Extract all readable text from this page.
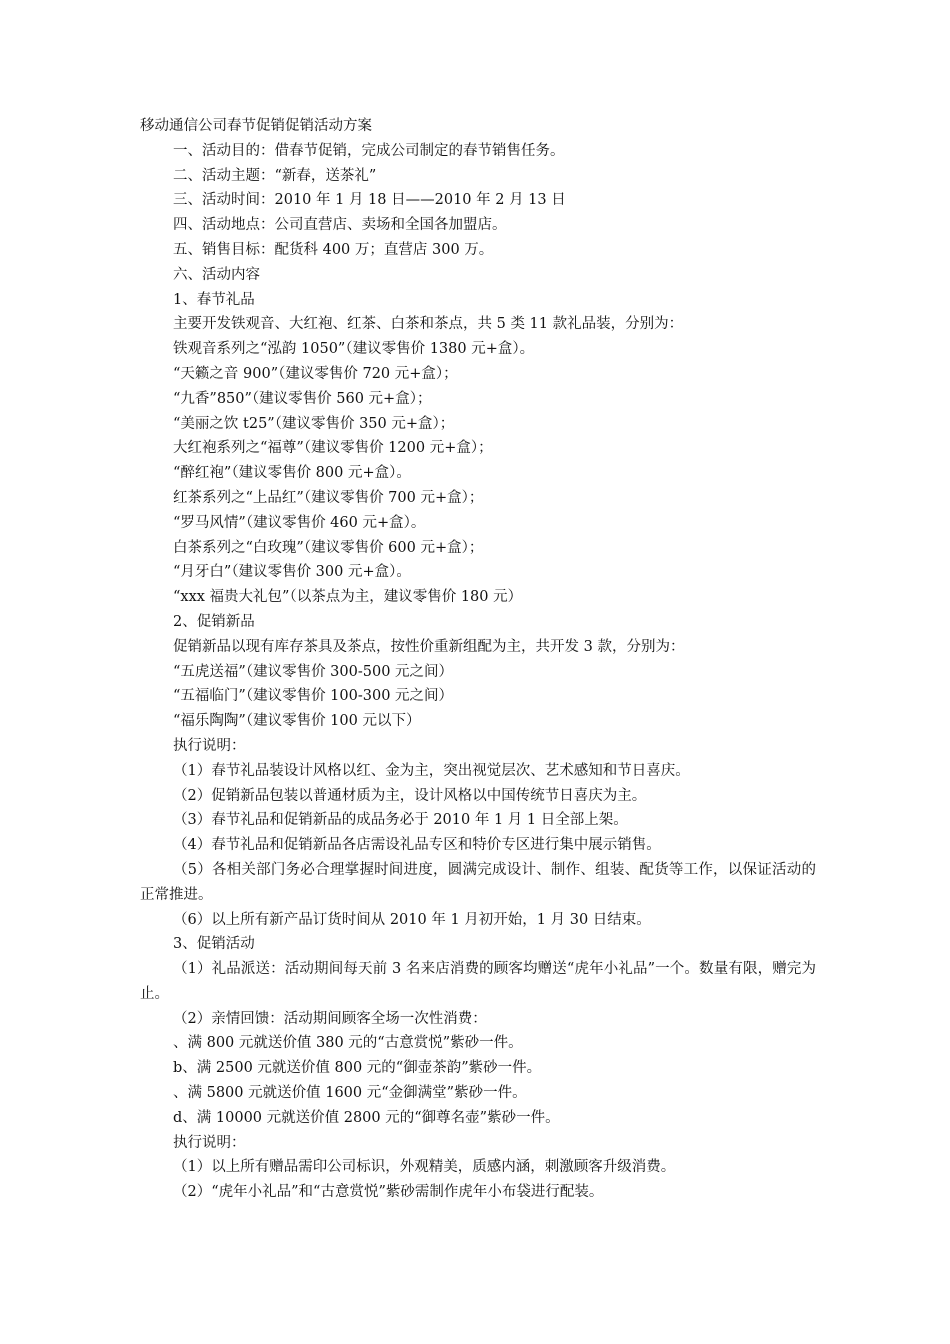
移动通信公司春节促销促销活动方案
一、活动目的：借春节促销，完成公司制定的春节销售任务。
二、活动主题：“新春，送茶礼”
三、活动时间：2010 年 1 月 18 日——2010 年 2 月 13 日
四、活动地点：公司直营店、卖场和全国各加盟店。
五、销售目标：配货科 400 万；直营店 300 万。
六、活动内容
1、春节礼品
主要开发铁观音、大红袍、红茶、白茶和茶点，共 5 类 11 款礼品装，分别为：
铁观音系列之“泓韵 1050”（建议零售价 1380 元+盒）。
“天籁之音 900”（建议零售价 720 元+盒）；
“九香”850”（建议零售价 560 元+盒）；
“美丽之饮 t25”（建议零售价 350 元+盒）；
大红袍系列之“福尊”（建议零售价 1200 元+盒）；
“醉红袍”（建议零售价 800 元+盒）。
红茶系列之“上品红”（建议零售价 700 元+盒）；
“罗马风情”（建议零售价 460 元+盒）。
白茶系列之“白玫瑰”（建议零售价 600 元+盒）；
“月牙白”（建议零售价 300 元+盒）。
“xxx 福贵大礼包”（以茶点为主，建议零售价 180 元）
2、促销新品
促销新品以现有库存茶具及茶点，按性价重新组配为主，共开发 3 款，分别为：
“五虎送福”（建议零售价 300-500 元之间）
“五福临门”（建议零售价 100-300 元之间）
“福乐陶陶”（建议零售价 100 元以下）
执行说明：
（1）春节礼品装设计风格以红、金为主，突出视觉层次、艺术感知和节日喜庆。
（2）促销新品包装以普通材质为主，设计风格以中国传统节日喜庆为主。
（3）春节礼品和促销新品的成品务必于 2010 年 1 月 1 日全部上架。
（4）春节礼品和促销新品各店需设礼品专区和特价专区进行集中展示销售。
（5）各相关部门务必合理掌握时间进度，圆满完成设计、制作、组装、配货等工作，以保证活动的正常推进。
（6）以上所有新产品订货时间从 2010 年 1 月初开始，1 月 30 日结束。
3、促销活动
（1）礼品派送：活动期间每天前 3 名来店消费的顾客均赠送“虎年小礼品”一个。数量有限，赠完为止。
（2）亲情回馈：活动期间顾客全场一次性消费：
、满 800 元就送价值 380 元的“古意赏悦”紫砂一件。
b、满 2500 元就送价值 800 元的“御壶茶韵”紫砂一件。
、满 5800 元就送价值 1600 元“金御满堂”紫砂一件。
d、满 10000 元就送价值 2800 元的“御尊名壶”紫砂一件。
执行说明：
（1）以上所有赠品需印公司标识，外观精美，质感内涵，刺激顾客升级消费。
（2）“虎年小礼品”和“古意赏悦”紫砂需制作虎年小布袋进行配装。
